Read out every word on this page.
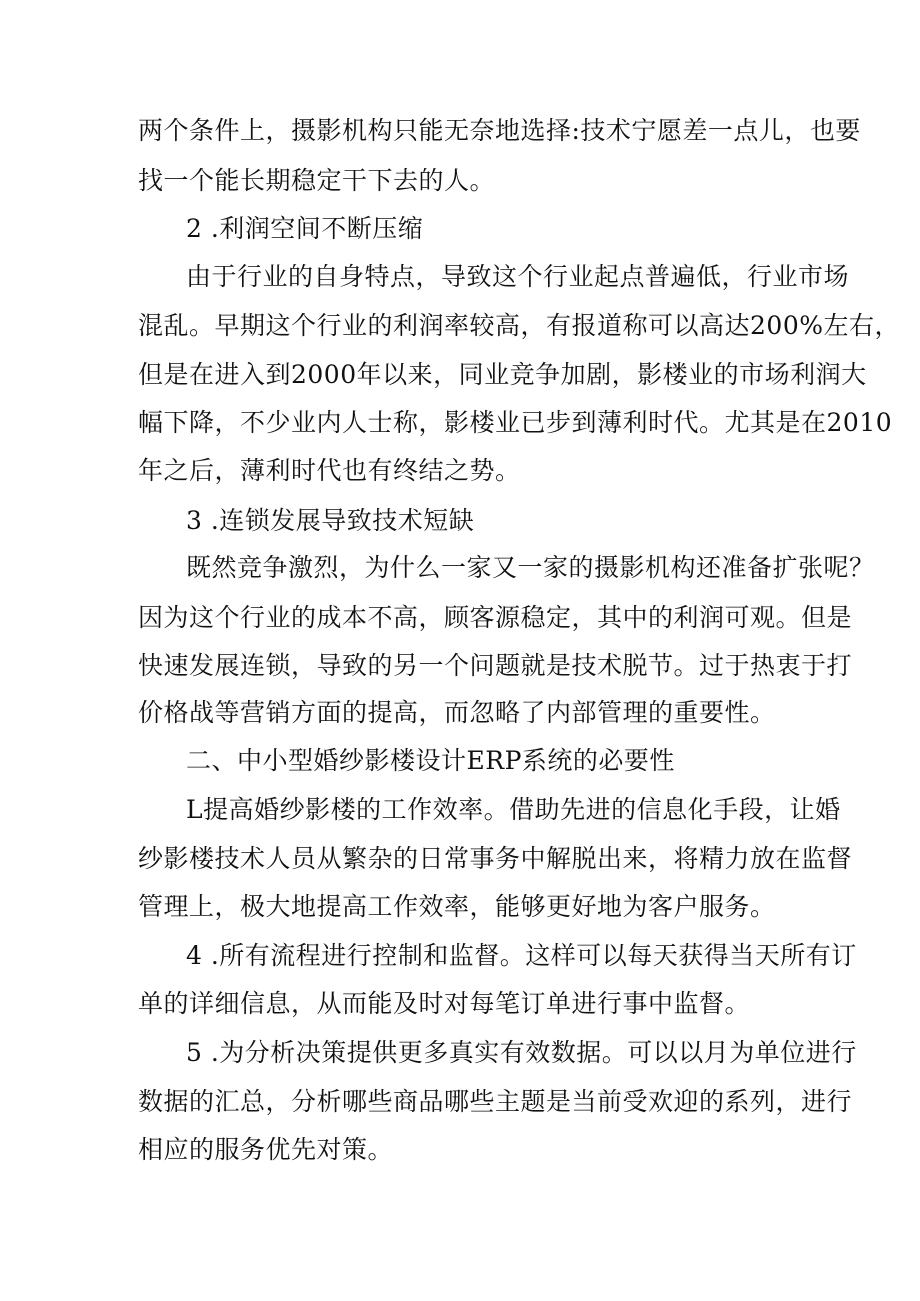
两个条件上，摄影机构只能无奈地选择:技术宁愿差一点儿，也要
找一个能长期稳定干下去的人。
2 .利润空间不断压缩
由于行业的自身特点，导致这个行业起点普遍低，行业市场
混乱。早期这个行业的利润率较高，有报道称可以高达200%左右，
但是在进入到2000年以来，同业竞争加剧，影楼业的市场利润大
幅下降，不少业内人士称，影楼业已步到薄利时代。尤其是在2010
年之后，薄利时代也有终结之势。
3 .连锁发展导致技术短缺
既然竞争激烈，为什么一家又一家的摄影机构还准备扩张呢？
因为这个行业的成本不高，顾客源稳定，其中的利润可观。但是
快速发展连锁，导致的另一个问题就是技术脱节。过于热衷于打
价格战等营销方面的提高，而忽略了内部管理的重要性。
二、中小型婚纱影楼设计ERP系统的必要性
L提高婚纱影楼的工作效率。借助先进的信息化手段，让婚
纱影楼技术人员从繁杂的日常事务中解脱出来，将精力放在监督
管理上，极大地提高工作效率，能够更好地为客户服务。
4 .所有流程进行控制和监督。这样可以每天获得当天所有订
单的详细信息，从而能及时对每笔订单进行事中监督。
5 .为分析决策提供更多真实有效数据。可以以月为单位进行
数据的汇总，分析哪些商品哪些主题是当前受欢迎的系列，进行
相应的服务优先对策。
